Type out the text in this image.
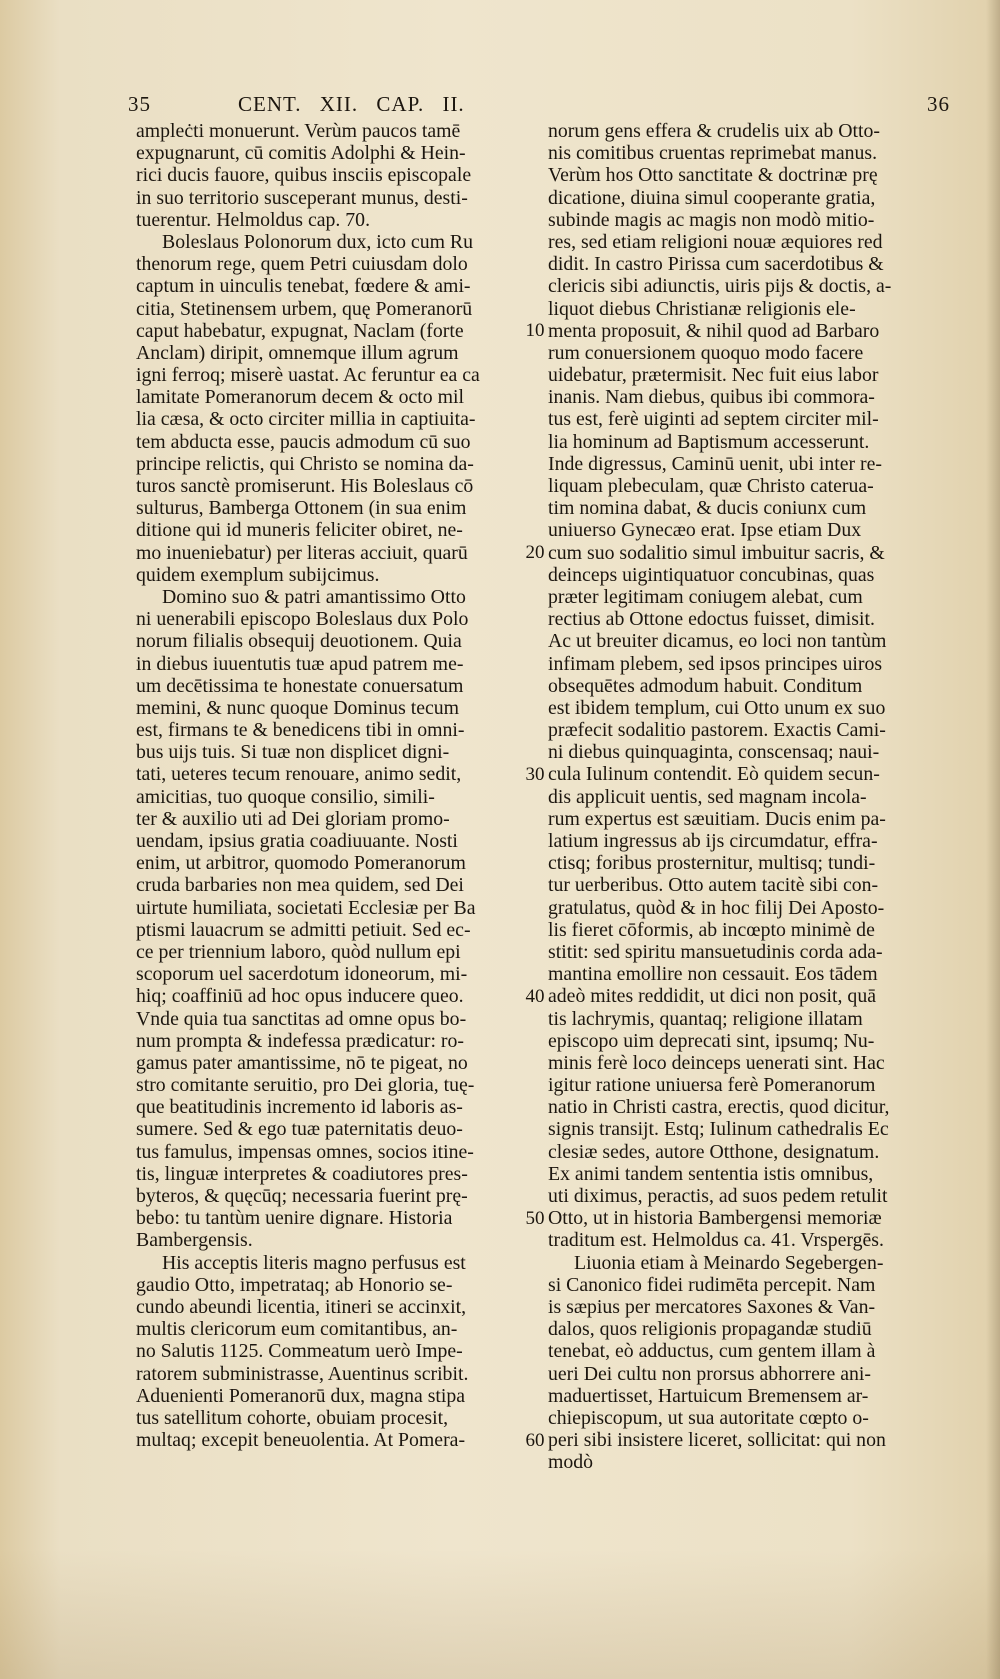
35	CENT. XII. CAP. II.	36
ampleċti monuerunt. Verùm paucos tamē
expugnarunt, cū comitis Adolphi & Hein-
rici ducis fauore, quibus insciis episcopale
in suo territorio susceperant munus, desti-
tuerentur. Helmoldus cap. 70.
Boleslaus Polonorum dux, icto cum Ru
thenorum rege, quem Petri cuiusdam dolo
captum in uinculis tenebat, fœdere & ami-
citia, Stetinensem urbem, quę Pomeranorū
caput habebatur, expugnat, Naclam (forte
Anclam) diripit, omnemque illum agrum
igni ferroq; miserè uastat. Ac feruntur ea ca
lamitate Pomeranorum decem & octo mil
lia cæsa, & octo circiter millia in captiuita-
tem abducta esse, paucis admodum cū suo
principe relictis, qui Christo se nomina da-
turos sanctè promiserunt. His Boleslaus cō
sulturus, Bamberga Ottonem (in sua enim
ditione qui id muneris feliciter obiret, ne-
mo inueniebatur) per literas acciuit, quarū
quidem exemplum subijcimus.
Domino suo & patri amantissimo Otto
ni uenerabili episcopo Boleslaus dux Polo
norum filialis obsequij deuotionem. Quia
in diebus iuuentutis tuæ apud patrem me-
um decētissima te honestate conuersatum
memini, & nunc quoque Dominus tecum
est, firmans te & benedicens tibi in omni-
bus uijs tuis. Si tuæ non displicet digni-
tati, ueteres tecum renouare, animo sedit,
amicitias, tuo quoque consilio, simili-
ter & auxilio uti ad Dei gloriam promo-
uendam, ipsius gratia coadiuuante. Nosti
enim, ut arbitror, quomodo Pomeranorum
cruda barbaries non mea quidem, sed Dei
uirtute humiliata, societati Ecclesiæ per Ba
ptismi lauacrum se admitti petiuit. Sed ec-
ce per triennium laboro, quòd nullum epi
scoporum uel sacerdotum idoneorum, mi-
hiq; coaffiniū ad hoc opus inducere queo.
Vnde quia tua sanctitas ad omne opus bo-
num prompta & indefessa prædicatur: ro-
gamus pater amantissime, nō te pigeat, no
stro comitante seruitio, pro Dei gloria, tuę-
que beatitudinis incremento id laboris as-
sumere. Sed & ego tuæ paternitatis deuo-
tus famulus, impensas omnes, socios itine-
tis, linguæ interpretes & coadiutores pres-
byteros, & quęcūq; necessaria fuerint prę-
bebo: tu tantùm uenire dignare. Historia
Bambergensis.
His acceptis literis magno perfusus est
gaudio Otto, impetrataq; ab Honorio se-
cundo abeundi licentia, itineri se accinxit,
multis clericorum eum comitantibus, an-
no Salutis 1125. Commeatum uerò Impe-
ratorem subministrasse, Auentinus scribit.
Aduenienti Pomeranorū dux, magna stipa
tus satellitum cohorte, obuiam procesit,
multaq; excepit beneuolentia. At Pomera-
norum gens effera & crudelis uix ab Otto-
nis comitibus cruentas reprimebat manus.
Verùm hos Otto sanctitate & doctrinæ prę
dicatione, diuina simul cooperante gratia,
subinde magis ac magis non modò mitio-
res, sed etiam religioni nouæ æquiores red
didit. In castro Pirissa cum sacerdotibus &
clericis sibi adiunctis, uiris pijs & doctis, a-
liquot diebus Christianæ religionis ele-
menta proposuit, & nihil quod ad Barbaro
rum conuersionem quoquo modo facere
uidebatur, prætermisit. Nec fuit eius labor
inanis. Nam diebus, quibus ibi commora-
tus est, ferè uiginti ad septem circiter mil-
lia hominum ad Baptismum accesserunt.
Inde digressus, Caminū uenit, ubi inter re-
liquam plebeculam, quæ Christo caterua-
tim nomina dabat, & ducis coniunx cum
uniuerso Gynecæo erat. Ipse etiam Dux
cum suo sodalitio simul imbuitur sacris, &
deinceps uigintiquatuor concubinas, quas
præter legitimam coniugem alebat, cum
rectius ab Ottone edoctus fuisset, dimisit.
Ac ut breuiter dicamus, eo loci non tantùm
infimam plebem, sed ipsos principes uiros
obsequētes admodum habuit. Conditum
est ibidem templum, cui Otto unum ex suo
præfecit sodalitio pastorem. Exactis Cami-
ni diebus quinquaginta, conscensaq; naui-
cula Iulinum contendit. Eò quidem secun-
dis applicuit uentis, sed magnam incola-
rum expertus est sæuitiam. Ducis enim pa-
latium ingressus ab ijs circumdatur, effra-
ctisq; foribus prosternitur, multisq; tundi-
tur uerberibus. Otto autem tacitè sibi con-
gratulatus, quòd & in hoc filij Dei Aposto-
lis fieret cōformis, ab incœpto minimè de
stitit: sed spiritu mansuetudinis corda ada-
mantina emollire non cessauit. Eos tādem
adeò mites reddidit, ut dici non posit, quā
tis lachrymis, quantaq; religione illatam
episcopo uim deprecati sint, ipsumq; Nu-
minis ferè loco deinceps uenerati sint. Hac
igitur ratione uniuersa ferè Pomeranorum
natio in Christi castra, erectis, quod dicitur,
signis transijt. Estq; Iulinum cathedralis Ec
clesiæ sedes, autore Otthone, designatum.
Ex animi tandem sententia istis omnibus,
uti diximus, peractis, ad suos pedem retulit
Otto, ut in historia Bambergensi memoriæ
traditum est. Helmoldus ca. 41. Vrspergēs.
Liuonia etiam à Meinardo Segebergen-
si Canonico fidei rudimēta percepit. Nam
is sæpius per mercatores Saxones & Van-
dalos, quos religionis propagandæ studiū
tenebat, eò adductus, cum gentem illam à
ueri Dei cultu non prorsus abhorrere ani-
maduertisset, Hartuicum Bremensem ar-
chiepiscopum, ut sua autoritate cœpto o-
peri sibi insistere liceret, sollicitat: qui non
modò
10
20
30
40
50
60
